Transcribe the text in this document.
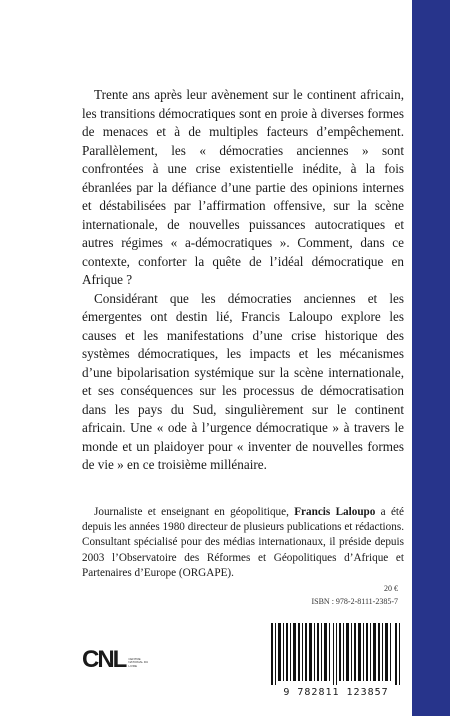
Trente ans après leur avènement sur le continent africain, les transitions démocratiques sont en proie à diverses formes de menaces et à de multiples facteurs d’empêchement. Parallèlement, les « démocraties anciennes » sont confrontées à une crise existentielle inédite, à la fois ébranlées par la défiance d’une partie des opinions internes et déstabilisées par l’affirmation offensive, sur la scène internationale, de nouvelles puissances autocratiques et autres régimes « a-démocratiques ». Comment, dans ce contexte, conforter la quête de l’idéal démocratique en Afrique ?

Considérant que les démocraties anciennes et les émergentes ont destin lié, Francis Laloupo explore les causes et les manifestations d’une crise historique des systèmes démocratiques, les impacts et les mécanismes d’une bipolarisation systémique sur la scène internationale, et ses conséquences sur les processus de démocratisation dans les pays du Sud, singulièrement sur le continent africain. Une « ode à l’urgence démocratique » à travers le monde et un plaidoyer pour « inventer de nouvelles formes de vie » en ce troisième millénaire.

Journaliste et enseignant en géopolitique, Francis Laloupo a été depuis les années 1980 directeur de plusieurs publications et rédactions. Consultant spécialisé pour des médias internationaux, il préside depuis 2003 l’Observatoire des Réformes et Géopolitiques d’Afrique et Partenaires d’Europe (ORGAPE).

20 €
ISBN : 978-2-8111-2385-7
CNL CENTRE NATIONAL DU LIVRE
9 782811 123857
